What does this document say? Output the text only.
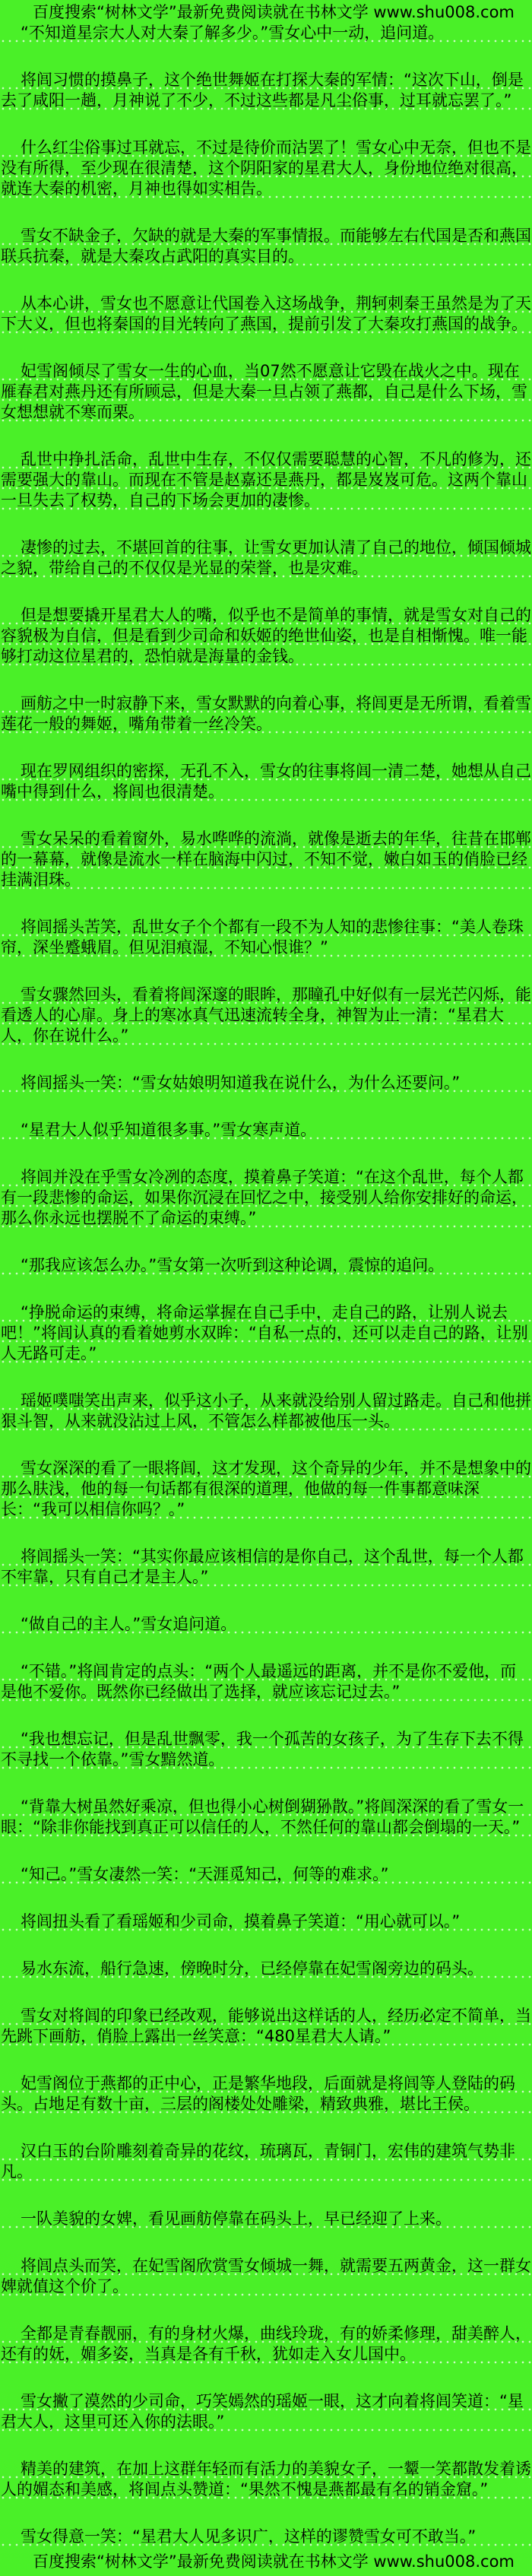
百度搜索“树林文学”最新免费阅读就在书林文学 www.shu008.com

“不知道星宗大人对大秦了解多少。”雪女心中一动，追问道。

将闾习惯的摸鼻子，这个绝世舞姬在打探大秦的军情：“这次下山，倒是去了咸阳一趟，月神说了不少，不过这些都是凡尘俗事，过耳就忘罢了。”

什么红尘俗事过耳就忘，不过是待价而沽罢了！雪女心中无奈，但也不是没有所得，至少现在很清楚，这个阴阳家的星君大人，身份地位绝对很高，就连大秦的机密，月神也得如实相告。

雪女不缺金子，欠缺的就是大秦的军事情报。而能够左右代国是否和燕国联兵抗秦，就是大秦攻占武阳的真实目的。

从本心讲，雪女也不愿意让代国卷入这场战争，荆轲刺秦王虽然是为了天下大义，但也将秦国的目光转向了燕国，提前引发了大秦攻打燕国的战争。

妃雪阁倾尽了雪女一生的心血，当07然不愿意让它毁在战火之中。现在雁春君对燕丹还有所顾忌，但是大秦一旦占领了燕都，自己是什么下场，雪女想想就不寒而栗。

乱世中挣扎活命，乱世中生存，不仅仅需要聪慧的心智，不凡的修为，还需要强大的靠山。而现在不管是赵嘉还是燕丹，都是岌岌可危。这两个靠山一旦失去了权势，自己的下场会更加的凄惨。

凄惨的过去，不堪回首的往事，让雪女更加认清了自己的地位，倾国倾城之貌，带给自己的不仅仅是光显的荣誉，也是灾难。

但是想要撬开星君大人的嘴，似乎也不是简单的事情，就是雪女对自己的容貌极为自信，但是看到少司命和妖姬的绝世仙姿，也是自相惭愧。唯一能够打动这位星君的，恐怕就是海量的金钱。

画舫之中一时寂静下来，雪女默默的向着心事，将闾更是无所谓，看着雪莲花一般的舞姬，嘴角带着一丝冷笑。

现在罗网组织的密探，无孔不入，雪女的往事将闾一清二楚，她想从自己嘴中得到什么，将闾也很清楚。

雪女呆呆的看着窗外，易水哗哗的流淌，就像是逝去的年华，往昔在邯郸的一幕幕，就像是流水一样在脑海中闪过，不知不觉，嫩白如玉的俏脸已经挂满泪珠。

将闾摇头苦笑，乱世女子个个都有一段不为人知的悲惨往事：“美人卷珠帘，深坐蹙蛾眉。但见泪痕湿，不知心恨谁？”

雪女骤然回头，看着将闾深邃的眼眸，那瞳孔中好似有一层光芒闪烁，能看透人的心扉。身上的寒冰真气迅速流转全身，神智为止一清：“星君大人，你在说什么。”

将闾摇头一笑：“雪女姑娘明知道我在说什么，为什么还要问。”

“星君大人似乎知道很多事。”雪女寒声道。

将闾并没在乎雪女冷冽的态度，摸着鼻子笑道：“在这个乱世，每个人都有一段悲惨的命运，如果你沉浸在回忆之中，接受别人给你安排好的命运，那么你永远也摆脱不了命运的束缚。”

“那我应该怎么办。”雪女第一次听到这种论调，震惊的追问。

“挣脱命运的束缚，将命运掌握在自己手中，走自己的路，让别人说去吧！”将闾认真的看着她剪水双眸：“自私一点的，还可以走自己的路，让别人无路可走。”

瑶姬噗嗤笑出声来，似乎这小子，从来就没给别人留过路走。自己和他拼狠斗智，从来就没沾过上风，不管怎么样都被他压一头。

雪女深深的看了一眼将闾，这才发现，这个奇异的少年，并不是想象中的那么肤浅，他的每一句话都有很深的道理，他做的每一件事都意味深长：“我可以相信你吗？。”

将闾摇头一笑：“其实你最应该相信的是你自己，这个乱世，每一个人都不牢靠，只有自己才是主人。”

“做自己的主人。”雪女追问道。

“不错。”将闾肯定的点头：“两个人最遥远的距离，并不是你不爱他，而是他不爱你。既然你已经做出了选择，就应该忘记过去。”

“我也想忘记，但是乱世飘零，我一个孤苦的女孩子，为了生存下去不得不寻找一个依靠。”雪女黯然道。

“背靠大树虽然好乘凉，但也得小心树倒猢狲散。”将闾深深的看了雪女一眼：“除非你能找到真正可以信任的人，不然任何的靠山都会倒塌的一天。”

“知己。”雪女凄然一笑：“天涯觅知己，何等的难求。”

将闾扭头看了看瑶姬和少司命，摸着鼻子笑道：“用心就可以。”

易水东流，船行急速，傍晚时分，已经停靠在妃雪阁旁边的码头。

雪女对将闾的印象已经改观，能够说出这样话的人，经历必定不简单，当先跳下画舫，俏脸上露出一丝笑意：“480星君大人请。”

妃雪阁位于燕都的正中心，正是繁华地段，后面就是将闾等人登陆的码头。占地足有数十亩，三层的阁楼处处雕梁，精致典雅，堪比王侯。

汉白玉的台阶雕刻着奇异的花纹，琉璃瓦，青铜门，宏伟的建筑气势非凡。

一队美貌的女婢，看见画舫停靠在码头上，早已经迎了上来。

将闾点头而笑，在妃雪阁欣赏雪女倾城一舞，就需要五两黄金，这一群女婢就值这个价了。

全都是青春靓丽，有的身材火爆，曲线玲珑，有的娇柔修理，甜美醉人，还有的妩，媚多姿，当真是各有千秋，犹如走入女儿国中。

雪女撇了漠然的少司命，巧笑嫣然的瑶姬一眼，这才向着将闾笑道：“星君大人，这里可还入你的法眼。”

精美的建筑，在加上这群年轻而有活力的美貌女子，一颦一笑都散发着诱人的媚态和美感，将闾点头赞道：“果然不愧是燕都最有名的销金窟。”

雪女得意一笑：“星君大人见多识广，这样的谬赞雪女可不敢当。”

百度搜索“树林文学”最新免费阅读就在书林文学 www.shu008.com
